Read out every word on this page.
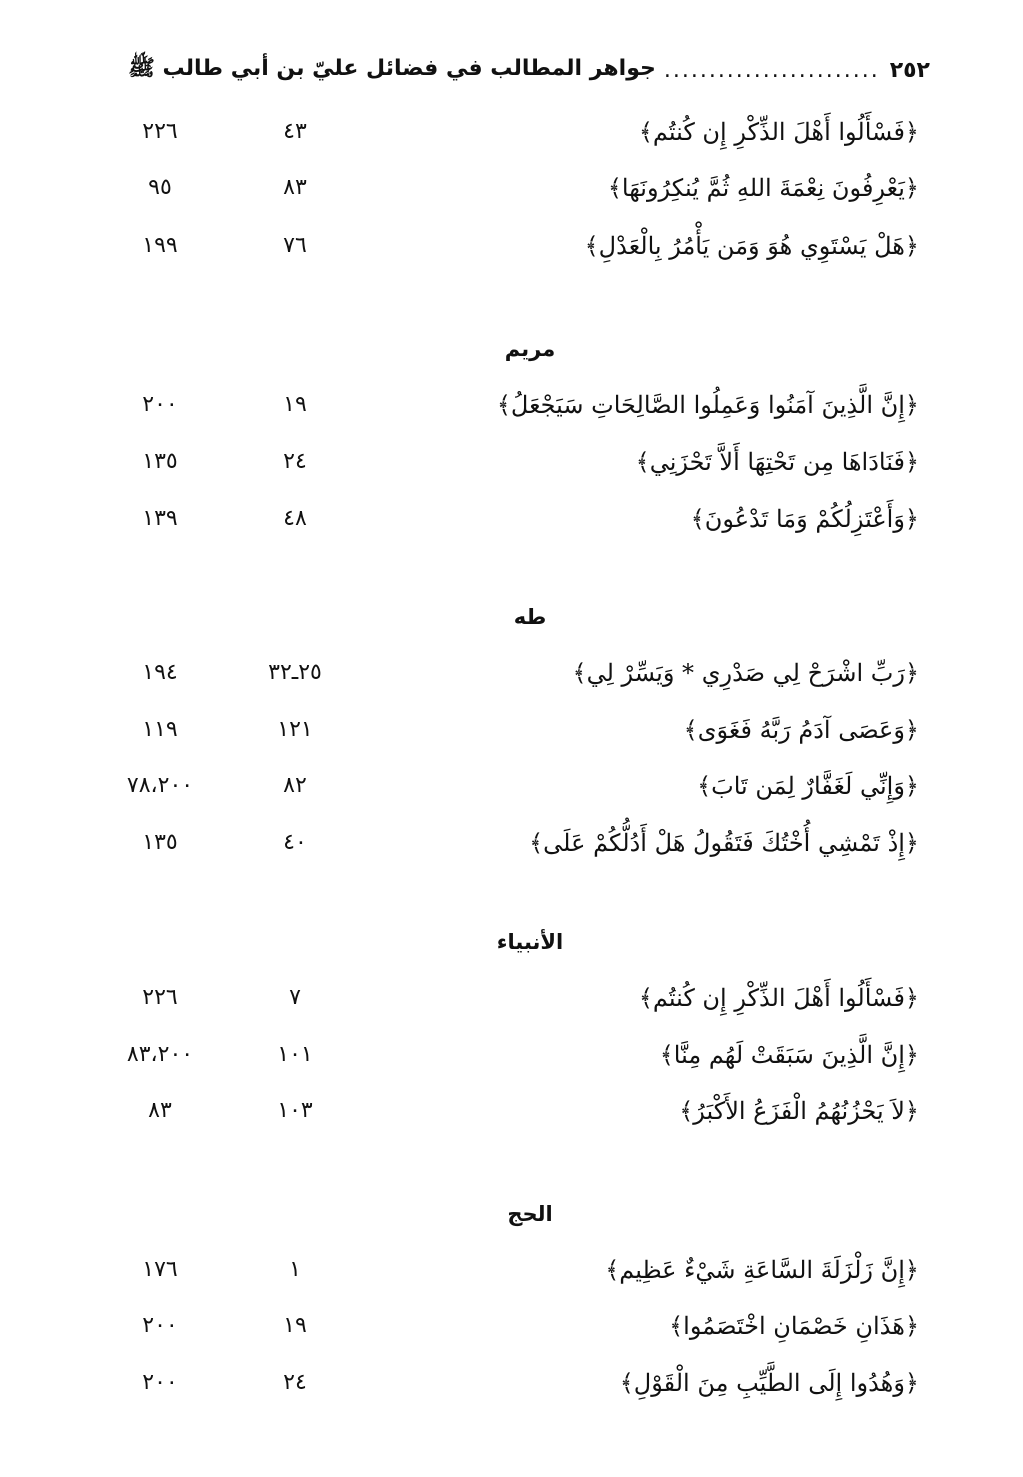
٢٥٢
........................
جواهر المطالب في فضائل عليّ بن أبي طالب ﷺ
﴿فَسْأَلُوا أَهْلَ الذِّكْرِ إِن كُنتُم﴾
٤٣
٢٢٦
﴿يَعْرِفُونَ نِعْمَةَ اللهِ ثُمَّ يُنكِرُونَهَا﴾
٨٣
٩٥
﴿هَلْ يَسْتَوِي هُوَ وَمَن يَأْمُرُ بِالْعَدْلِ﴾
٧٦
١٩٩
مريم
﴿إِنَّ الَّذِينَ آمَنُوا وَعَمِلُوا الصَّالِحَاتِ سَيَجْعَلُ﴾
١٩
٢٠٠
﴿فَنَادَاهَا مِن تَحْتِهَا أَلاَّ تَحْزَنِي﴾
٢٤
١٣٥
﴿وَأَعْتَزِلُكُمْ وَمَا تَدْعُونَ﴾
٤٨
١٣٩
طه
﴿رَبِّ اشْرَحْ لِي صَدْرِي * وَيَسِّرْ لِي﴾
٢٥ـ٣٢
١٩٤
﴿وَعَصَى آدَمُ رَبَّهُ فَغَوَى﴾
١٢١
١١٩
﴿وَإِنِّي لَغَفَّارٌ لِمَن تَابَ﴾
٨٢
٧٨،٢٠٠
﴿إِذْ تَمْشِي أُخْتُكَ فَتَقُولُ هَلْ أَدُلُّكُمْ عَلَى﴾
٤٠
١٣٥
الأنبياء
﴿فَسْأَلُوا أَهْلَ الذِّكْرِ إِن كُنتُم﴾
٧
٢٢٦
﴿إِنَّ الَّذِينَ سَبَقَتْ لَهُم مِنَّا﴾
١٠١
٨٣،٢٠٠
﴿لاَ يَحْزُنُهُمُ الْفَزَعُ الأَكْبَرُ﴾
١٠٣
٨٣
الحج
﴿إِنَّ زَلْزَلَةَ السَّاعَةِ شَيْءٌ عَظِيم﴾
١
١٧٦
﴿هَذَانِ خَصْمَانِ اخْتَصَمُوا﴾
١٩
٢٠٠
﴿وَهُدُوا إِلَى الطَّيِّبِ مِنَ الْقَوْلِ﴾
٢٤
٢٠٠
